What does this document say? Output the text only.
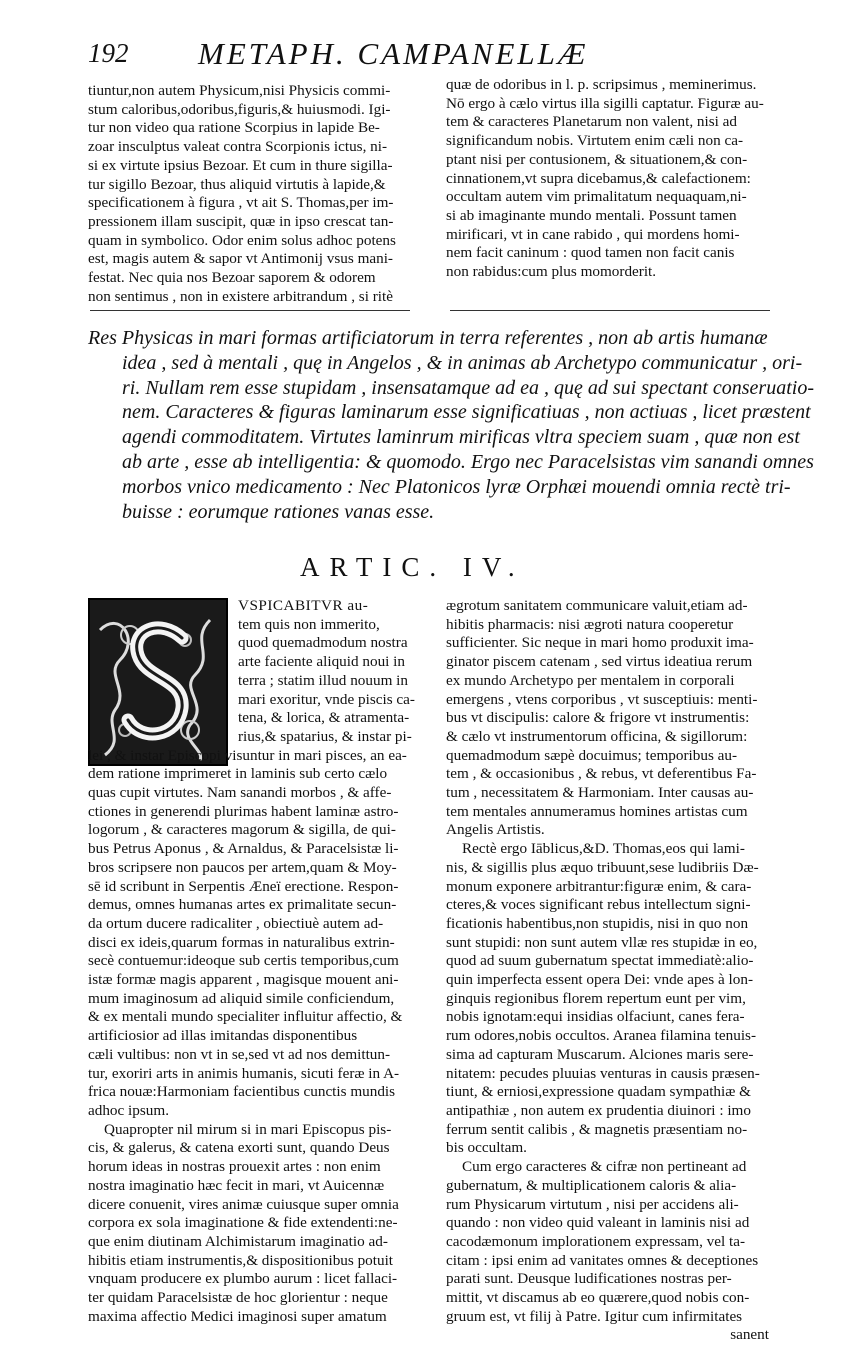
192 METAPH. CAMPANELLÆ
tiuntur,non autem Physicum,nisi Physicis commi-
stum caloribus,odoribus,figuris,& huiusmodi. Igi-
tur non video qua ratione Scorpius in lapide Be-
zoar insculptus valeat contra Scorpionis ictus, ni-
si ex virtute ipsius Bezoar. Et cum in thure sigilla-
tur sigillo Bezoar, thus aliquid virtutis à lapide,&
specificationem à figura , vt ait S. Thomas,per im-
pressionem illam suscipit, quæ in ipso crescat tan-
quam in symbolico. Odor enim solus adhoc potens
est, magis autem & sapor vt Antimonij vsus mani-
festat. Nec quia nos Bezoar saporem & odorem
non sentimus , non in existere arbitrandum , si ritè
quæ de odoribus in l. p. scripsimus , meminerimus.
Nō ergo à cælo virtus illa sigilli captatur. Figuræ au-
tem & caracteres Planetarum non valent, nisi ad
significandum nobis. Virtutem enim cæli non ca-
ptant nisi per contusionem, & situationem,& con-
cinnationem,vt supra dicebamus,& calefactionem:
occultam autem vim primalitatum nequaquam,ni-
si ab imaginante mundo mentali. Possunt tamen
mirificari, vt in cane rabido , qui mordens homi-
nem facit caninum : quod tamen non facit canis
non rabidus:cum plus momorderit.
Res Physicas in mari formas artificiatorum in terra referentes , non ab artis humanæ
idea , sed à mentali , quę in Angelos , & in animas ab Archetypo communicatur , ori-
ri. Nullam rem esse stupidam , insensatamque ad ea , quę ad sui spectant conseruatio-
nem. Caracteres & figuras laminarum esse significatiuas , non actiuas , licet præstent
agendi commoditatem. Virtutes laminrum mirificas vltra speciem suam , quæ non est
ab arte , esse ab intelligentia: & quomodo. Ergo nec Paracelsistas vim sanandi omnes
morbos vnico medicamento : Nec Platonicos lyræ Orphæi mouendi omnia rectè tri-
buisse : eorumque rationes vanas esse.
ARTIC. IV.
VSPICABITVR au-
tem quis non immerito,
quod quemadmodum nostra
arte faciente aliquid noui in
terra ; statim illud nouum in
mari exoritur, vnde piscis ca-
tena, & lorica, & atramenta-
rius,& spatarius, & instar pi-
lei , & instar Episcopi visuntur in mari pisces, an ea-
dem ratione imprimeret in laminis sub certo cælo
quas cupit virtutes. Nam sanandi morbos , & affe-
ctiones in generendi plurimas habent laminæ astro-
logorum , & caracteres magorum & sigilla, de qui-
bus Petrus Aponus , & Arnaldus, & Paracelsistæ li-
bros scripsere non paucos per artem,quam & Moy-
sē id scribunt in Serpentis Æneï erectione. Respon-
demus, omnes humanas artes ex primalitate secun-
da ortum ducere radicaliter , obiectiuè autem ad-
disci ex ideis,quarum formas in naturalibus extrin-
secè contuemur:ideoque sub certis temporibus,cum
istæ formæ magis apparent , magisque mouent ani-
mum imaginosum ad aliquid simile conficiendum,
& ex mentali mundo specialiter influitur affectio, &
artificiosior ad illas imitandas disponentibus
cæli vultibus: non vt in se,sed vt ad nos demittun-
tur, exoriri arts in animis humanis, sicuti feræ in A-
frica nouæ:Harmoniam facientibus cunctis mundis
adhoc ipsum.
Quapropter nil mirum si in mari Episcopus pis-
cis, & galerus, & catena exorti sunt, quando Deus
horum ideas in nostras prouexit artes : non enim
nostra imaginatio hæc fecit in mari, vt Auicennæ
dicere conuenit, vires animæ cuiusque super omnia
corpora ex sola imaginatione & fide extendenti:ne-
que enim diutinam Alchimistarum imaginatio ad-
hibitis etiam instrumentis,& dispositionibus potuit
vnquam producere ex plumbo aurum : licet fallaci-
ter quidam Paracelsistæ de hoc glorientur : neque
maxima affectio Medici imaginosi super amatum
ægrotum sanitatem communicare valuit,etiam ad-
hibitis pharmacis: nisi ægroti natura cooperetur
sufficienter. Sic neque in mari homo produxit ima-
ginator piscem catenam , sed virtus ideatiua rerum
ex mundo Archetypo per mentalem in corporali
emergens , vtens corporibus , vt susceptiuis: menti-
bus vt discipulis: calore & frigore vt instrumentis:
& cælo vt instrumentorum officina, & sigillorum:
quemadmodum sæpè docuimus; temporibus au-
tem , & occasionibus , & rebus, vt deferentibus Fa-
tum , necessitatem & Harmoniam. Inter causas au-
tem mentales annumeramus homines artistas cum
Angelis Artistis.
Rectè ergo Iāblicus,&D. Thomas,eos qui lami-
nis, & sigillis plus æquo tribuunt,sese ludibriis Dæ-
monum exponere arbitrantur:figuræ enim, & cara-
cteres,& voces significant rebus intellectum signi-
ficationis habentibus,non stupidis, nisi in quo non
sunt stupidi: non sunt autem vllæ res stupidæ in eo,
quod ad suum gubernatum spectat immediatè:alio-
quin imperfecta essent opera Dei: vnde apes à lon-
ginquis regionibus florem repertum eunt per vim,
nobis ignotam:equi insidias olfaciunt, canes fera-
rum odores,nobis occultos. Aranea filamina tenuis-
sima ad capturam Muscarum. Alciones maris sere-
nitatem: pecudes pluuias venturas in causis præsen-
tiunt, & erniosi,expressione quadam sympathiæ &
antipathiæ , non autem ex prudentia diuinori : imo
ferrum sentit calibis , & magnetis præsentiam no-
bis occultam.
Cum ergo caracteres & cifræ non pertineant ad
gubernatum, & multiplicationem caloris & alia-
rum Physicarum virtutum , nisi per accidens ali-
quando : non video quid valeant in laminis nisi ad
cacodæmonum implorationem expressam, vel ta-
citam : ipsi enim ad vanitates omnes & deceptiones
parati sunt. Deusque ludificationes nostras per-
mittit, vt discamus ab eo quærere,quod nobis con-
gruum est, vt filij à Patre. Igitur cum infirmitates
sanent
